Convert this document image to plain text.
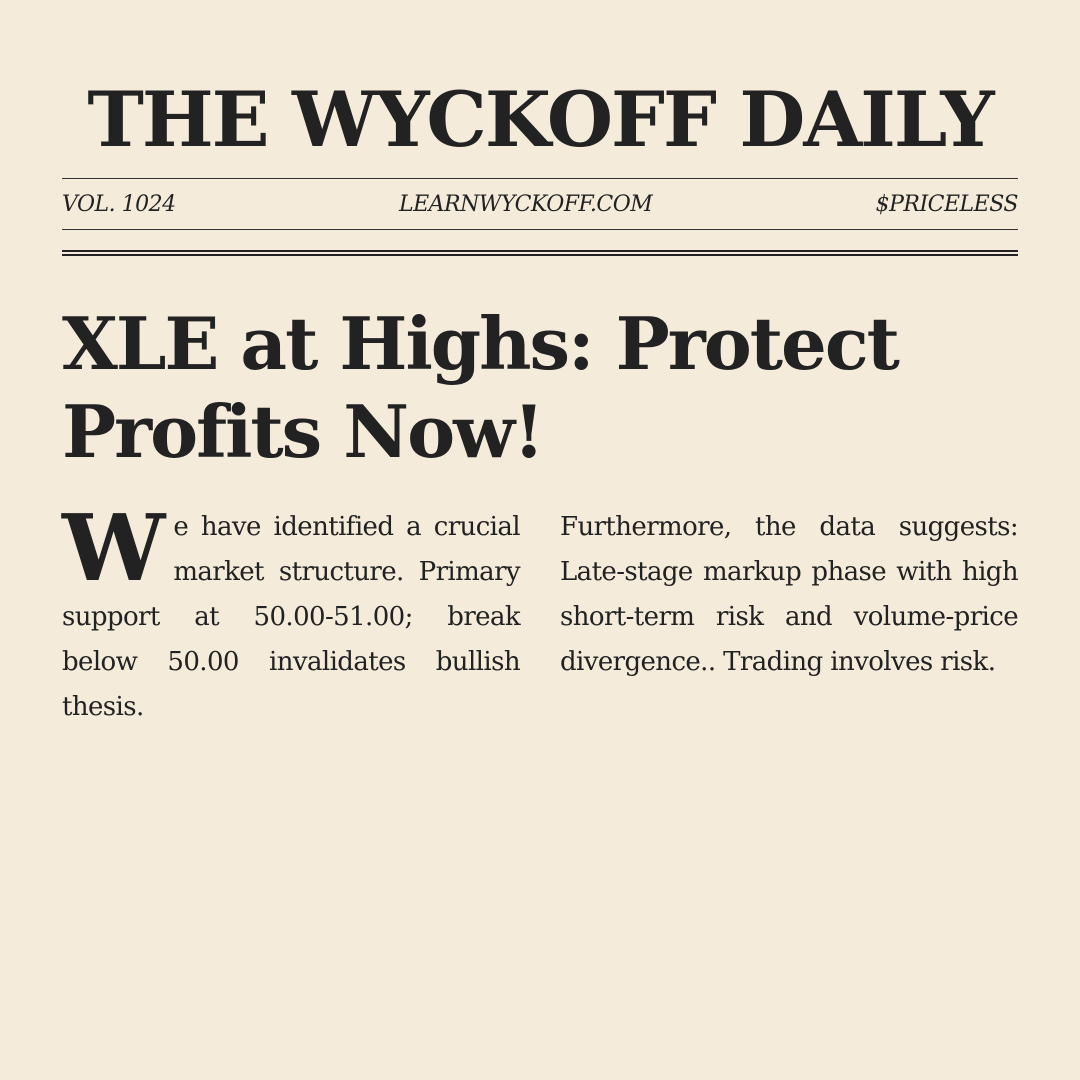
THE WYCKOFF DAILY
VOL. 1024	LEARNWYCKOFF.COM	$PRICELESS
XLE at Highs: Protect Profits Now!

We have identified a crucial market structure. Primary support at 50.00-51.00; break below 50.00 invalidates bullish thesis.

Furthermore, the data suggests: Late-stage markup phase with high short-term risk and volume-price divergence.. Trading involves risk.
